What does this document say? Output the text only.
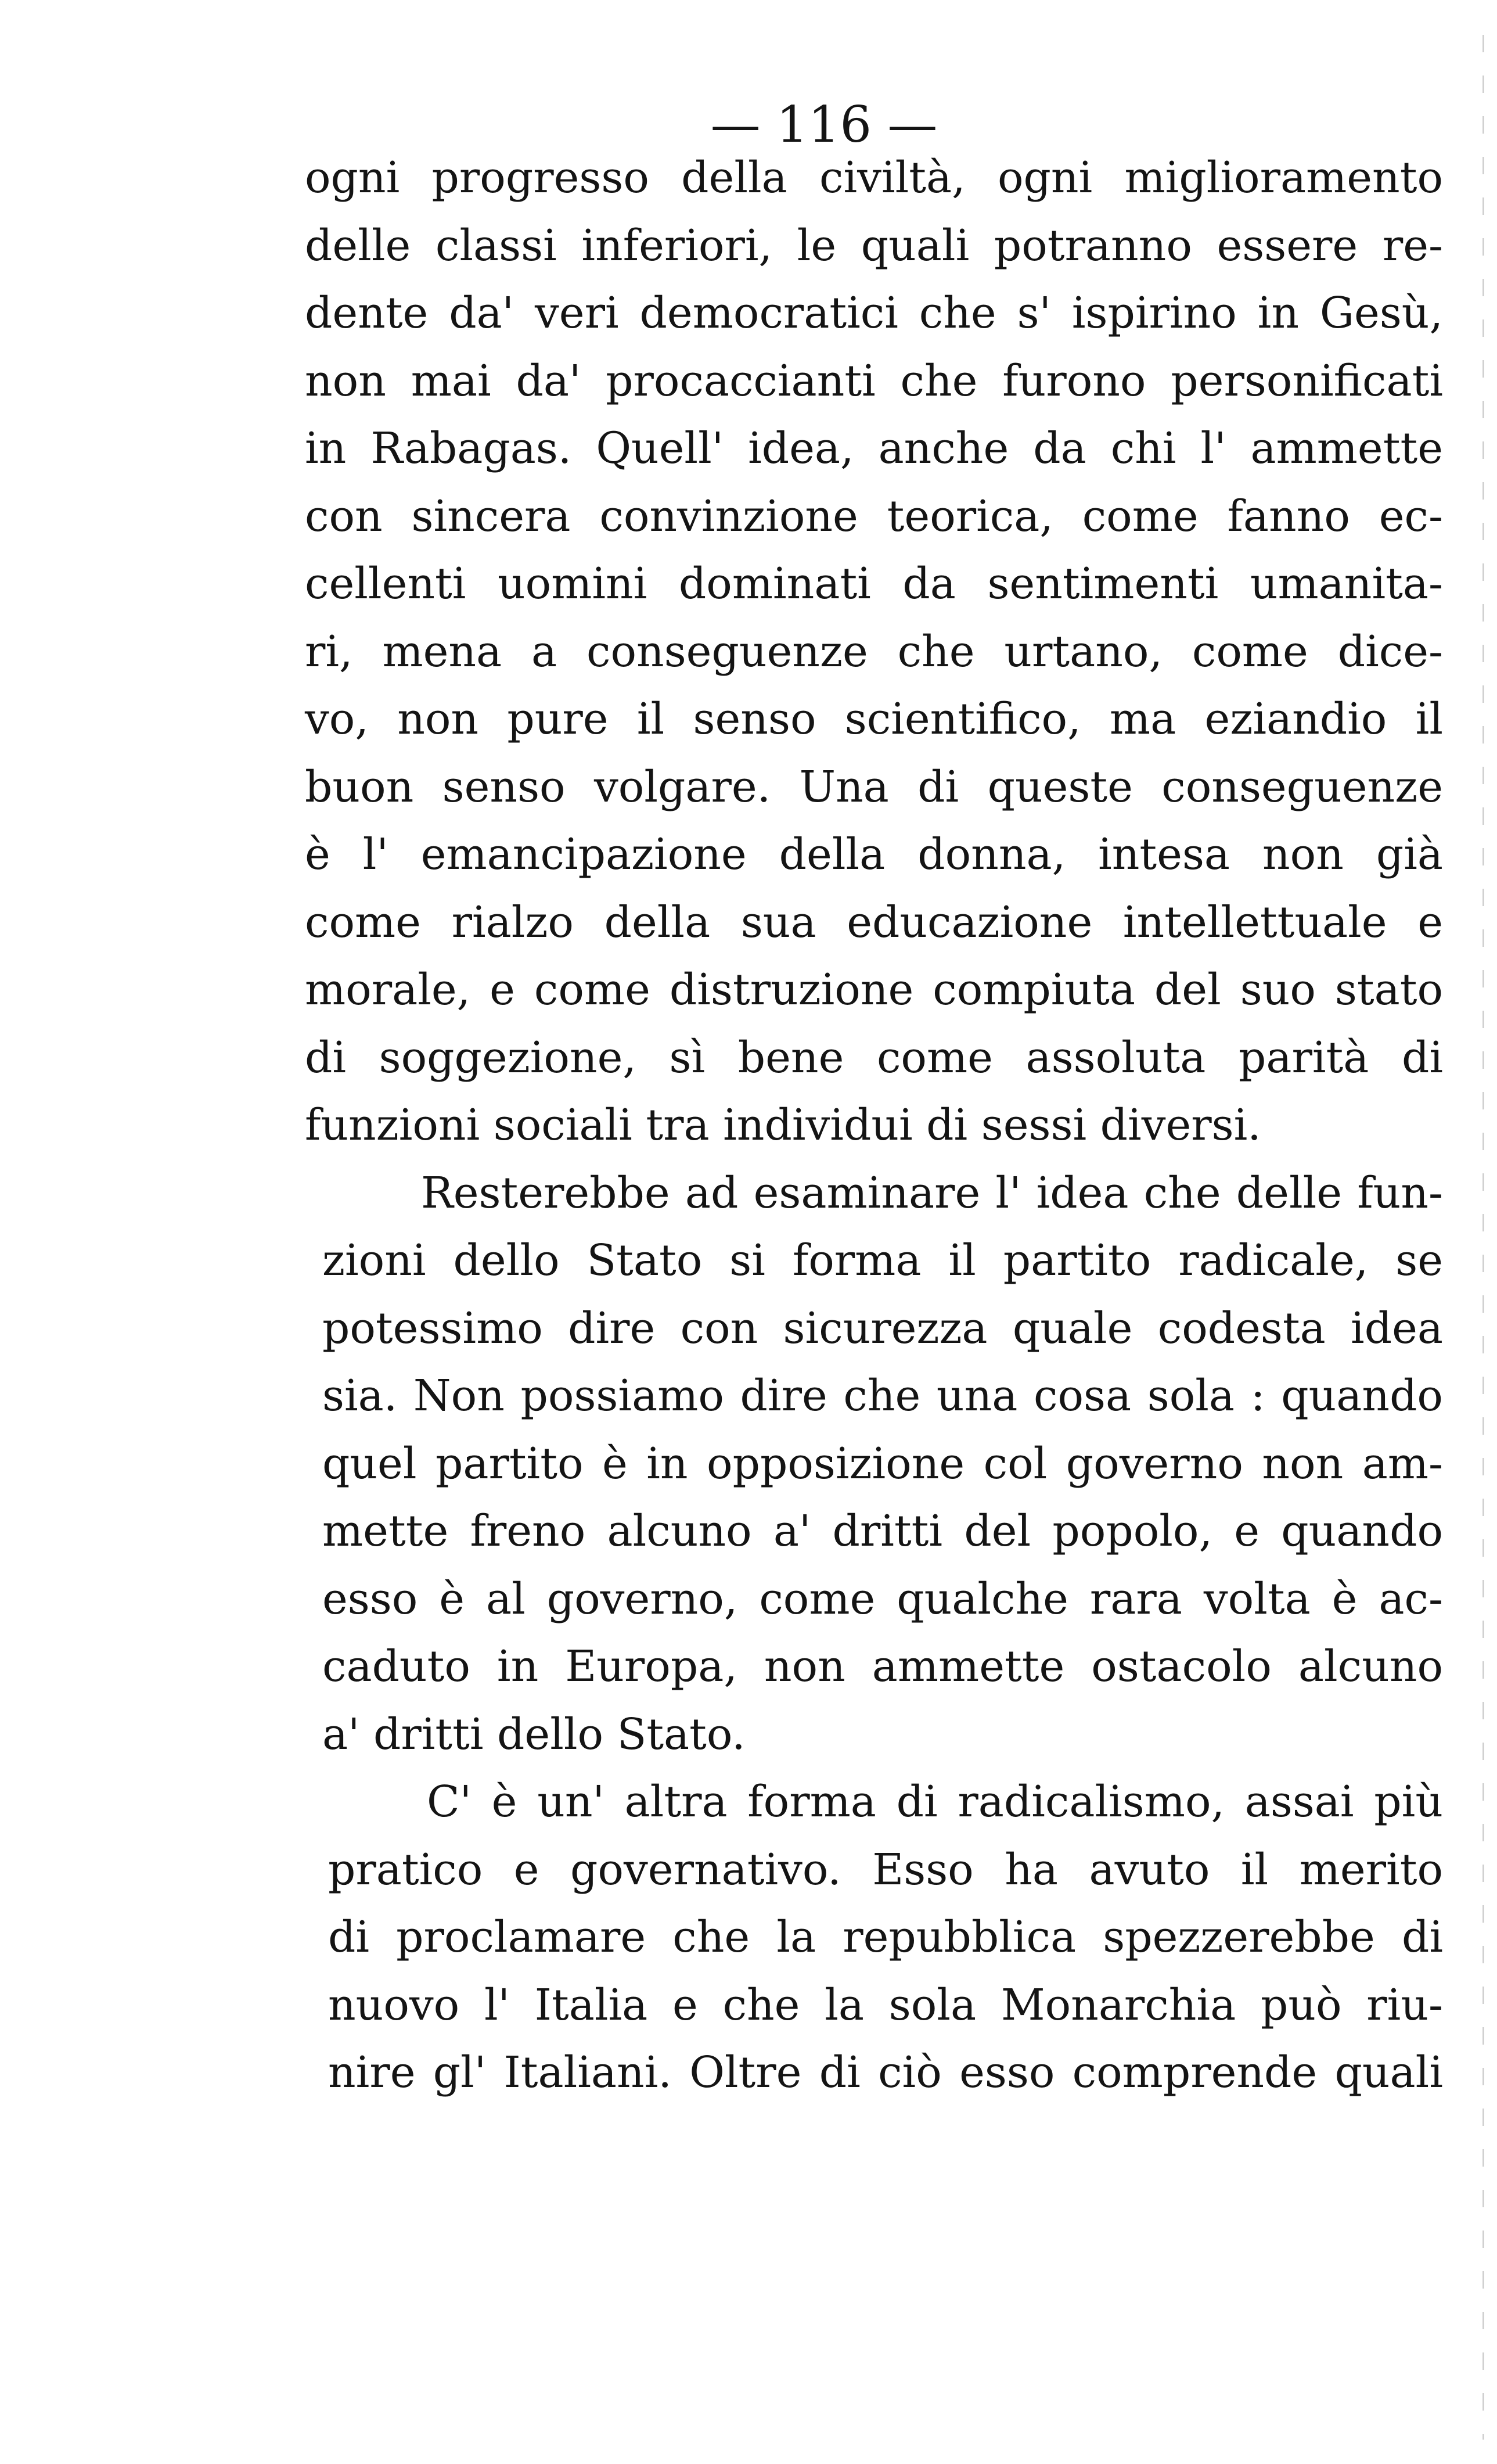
— 116 —
ogni progresso della civiltà, ogni miglioramento
delle classi inferiori, le quali potranno essere re-
dente da' veri democratici che s' ispirino in Gesù,
non mai da' procaccianti che furono personificati
in Rabagas. Quell' idea, anche da chi l' ammette
con sincera convinzione teorica, come fanno ec-
cellenti uomini dominati da sentimenti umanita-
ri, mena a conseguenze che urtano, come dice-
vo, non pure il senso scientifico, ma eziandio il
buon senso volgare. Una di queste conseguenze
è l' emancipazione della donna, intesa non già
come rialzo della sua educazione intellettuale e
morale, e come distruzione compiuta del suo stato
di soggezione, sì bene come assoluta parità di
funzioni sociali tra individui di sessi diversi.
Resterebbe ad esaminare l' idea che delle fun-
zioni dello Stato si forma il partito radicale, se
potessimo dire con sicurezza quale codesta idea
sia. Non possiamo dire che una cosa sola : quando
quel partito è in opposizione col governo non am-
mette freno alcuno a' dritti del popolo, e quando
esso è al governo, come qualche rara volta è ac-
caduto in Europa, non ammette ostacolo alcuno
a' dritti dello Stato.
C' è un' altra forma di radicalismo, assai più
pratico e governativo. Esso ha avuto il merito
di proclamare che la repubblica spezzerebbe di
nuovo l' Italia e che la sola Monarchia può riu-
nire gl' Italiani. Oltre di ciò esso comprende quali
